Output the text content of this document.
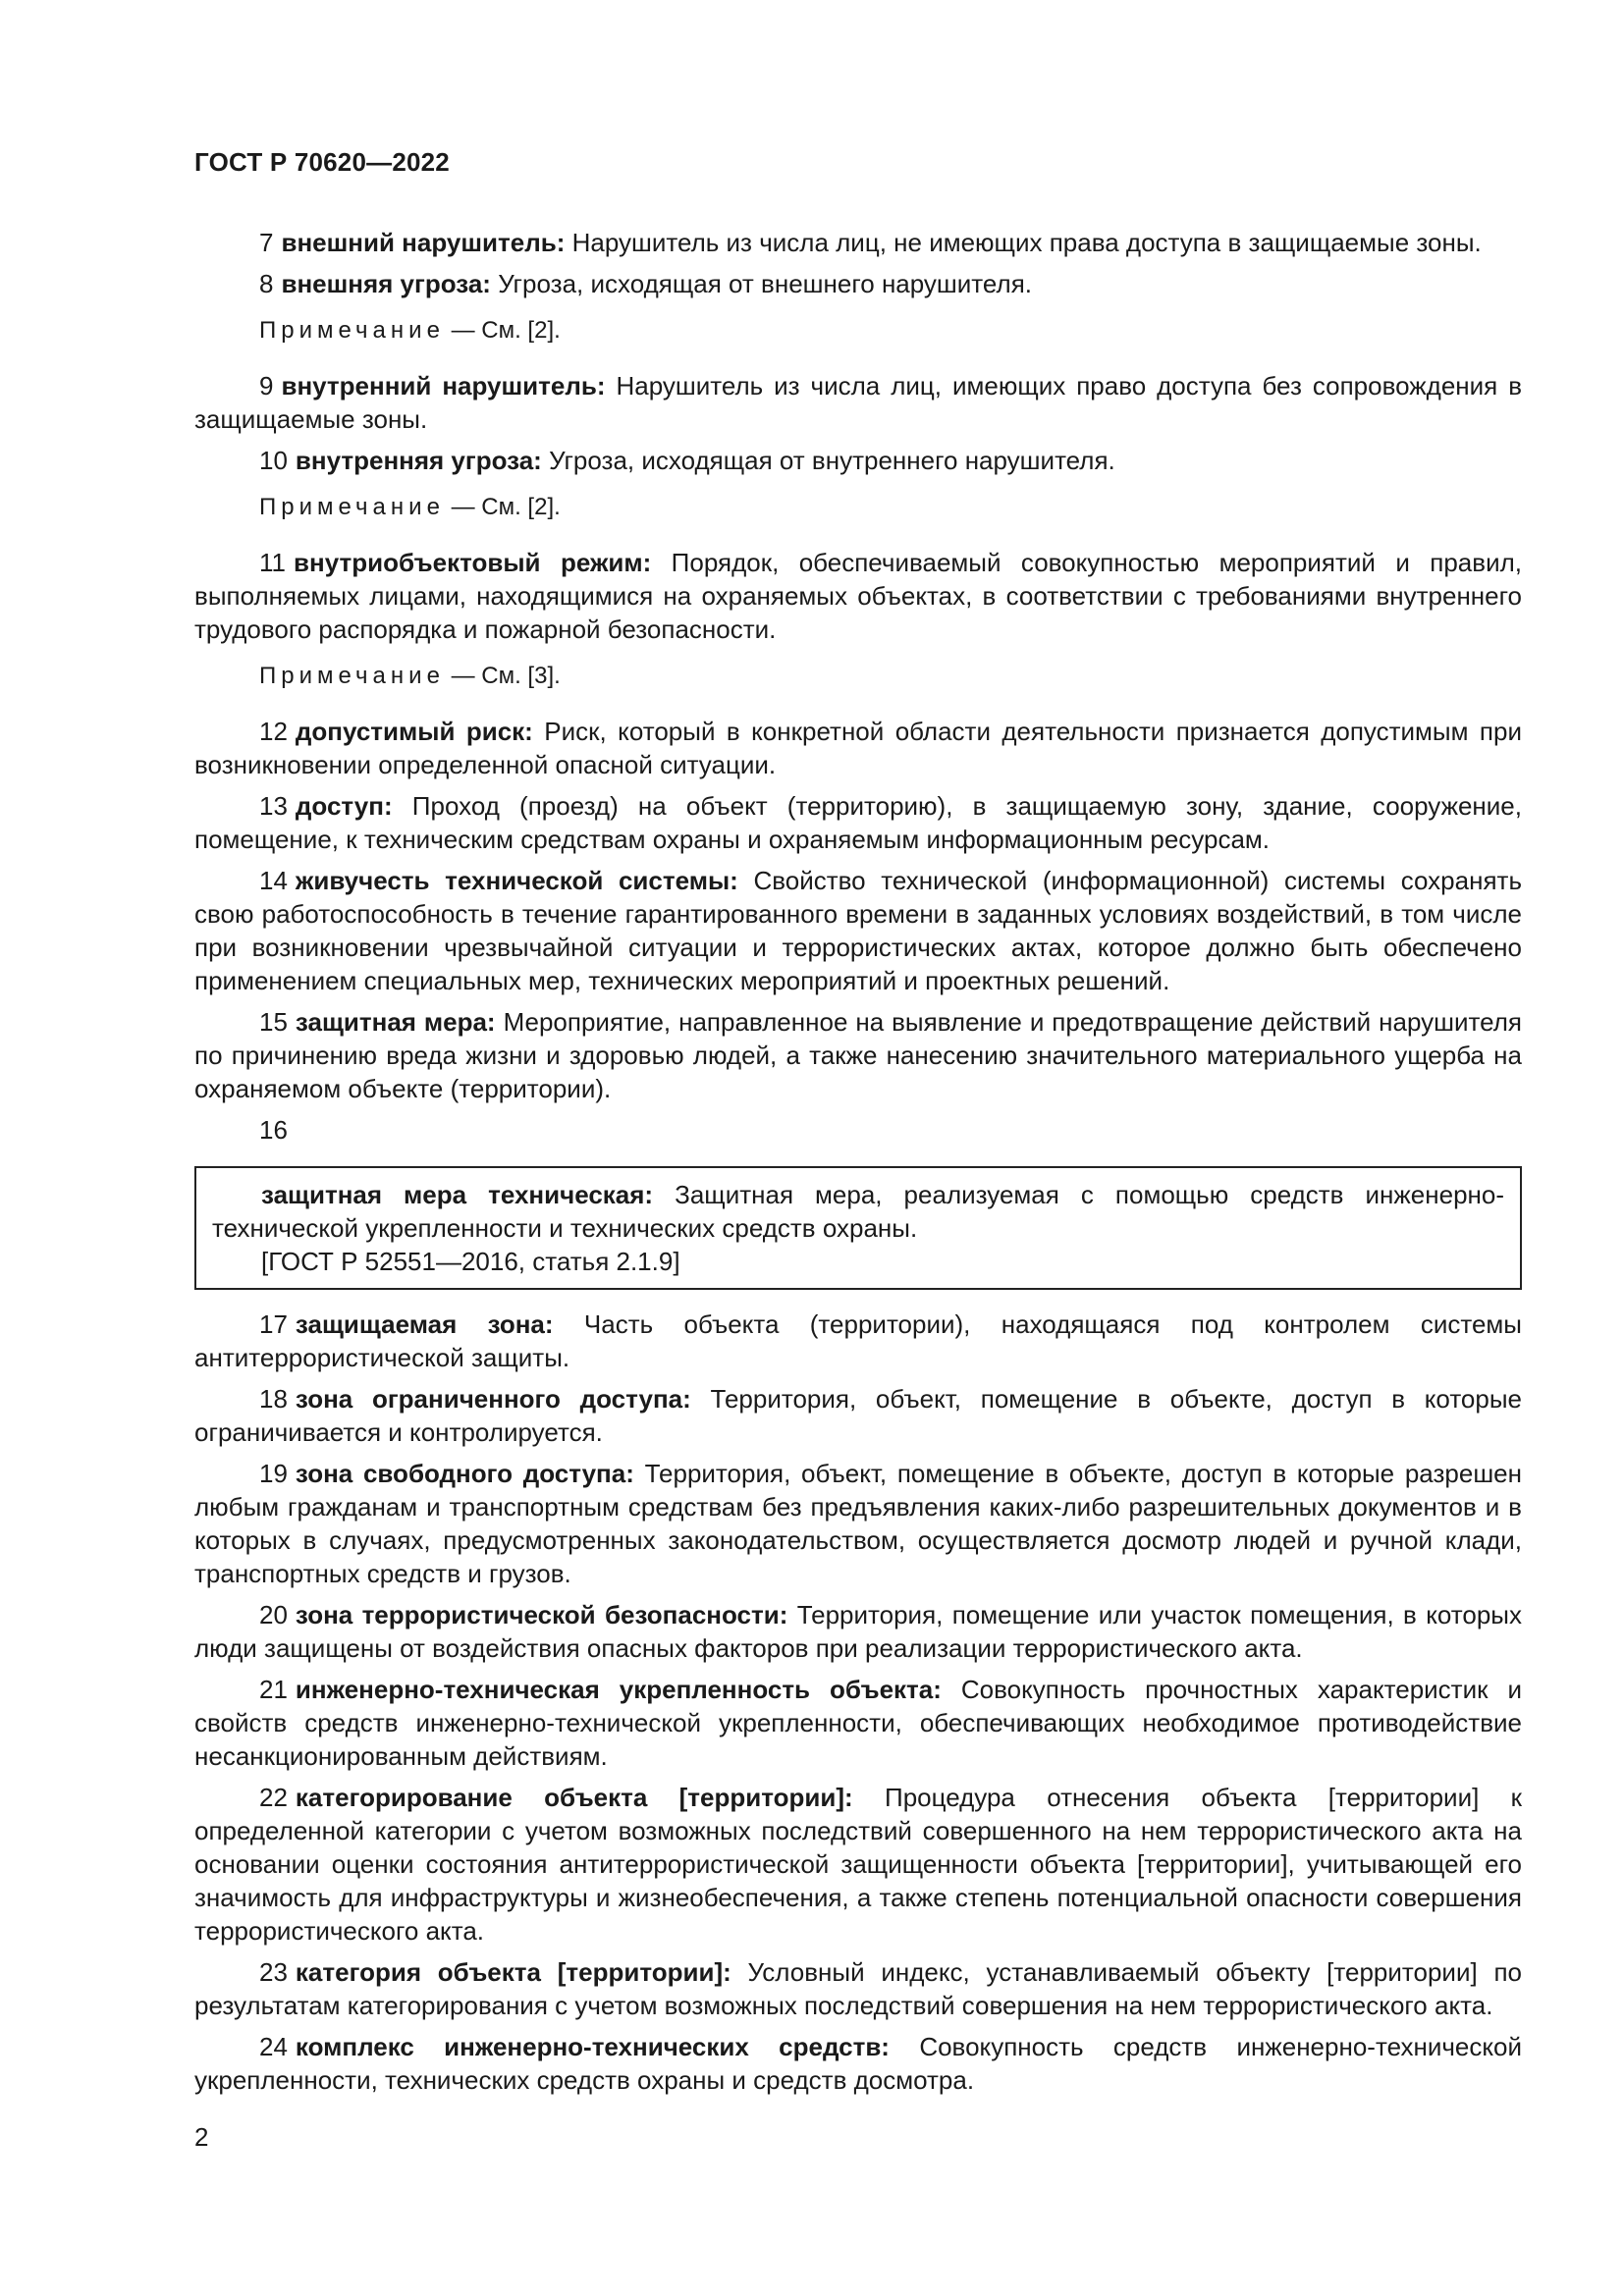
ГОСТ Р 70620—2022

7 внешний нарушитель: Нарушитель из числа лиц, не имеющих права доступа в защищаемые зоны.

8 внешняя угроза: Угроза, исходящая от внешнего нарушителя.

Примечание — См. [2].

9 внутренний нарушитель: Нарушитель из числа лиц, имеющих право доступа без сопровождения в защищаемые зоны.

10 внутренняя угроза: Угроза, исходящая от внутреннего нарушителя.

Примечание — См. [2].

11 внутриобъектовый режим: Порядок, обеспечиваемый совокупностью мероприятий и правил, выполняемых лицами, находящимися на охраняемых объектах, в соответствии с требованиями внутреннего трудового распорядка и пожарной безопасности.

Примечание — См. [3].

12 допустимый риск: Риск, который в конкретной области деятельности признается допустимым при возникновении определенной опасной ситуации.

13 доступ: Проход (проезд) на объект (территорию), в защищаемую зону, здание, сооружение, помещение, к техническим средствам охраны и охраняемым информационным ресурсам.

14 живучесть технической системы: Свойство технической (информационной) системы сохранять свою работоспособность в течение гарантированного времени в заданных условиях воздействий, в том числе при возникновении чрезвычайной ситуации и террористических актах, которое должно быть обеспечено применением специальных мер, технических мероприятий и проектных решений.

15 защитная мера: Мероприятие, направленное на выявление и предотвращение действий нарушителя по причинению вреда жизни и здоровью людей, а также нанесению значительного материального ущерба на охраняемом объекте (территории).

16

защитная мера техническая: Защитная мера, реализуемая с помощью средств инженерно-технической укрепленности и технических средств охраны.

[ГОСТ Р 52551—2016, статья 2.1.9]

17 защищаемая зона: Часть объекта (территории), находящаяся под контролем системы антитеррористической защиты.

18 зона ограниченного доступа: Территория, объект, помещение в объекте, доступ в которые ограничивается и контролируется.

19 зона свободного доступа: Территория, объект, помещение в объекте, доступ в которые разрешен любым гражданам и транспортным средствам без предъявления каких-либо разрешительных документов и в которых в случаях, предусмотренных законодательством, осуществляется досмотр людей и ручной клади, транспортных средств и грузов.

20 зона террористической безопасности: Территория, помещение или участок помещения, в которых люди защищены от воздействия опасных факторов при реализации террористического акта.

21 инженерно-техническая укрепленность объекта: Совокупность прочностных характеристик и свойств средств инженерно-технической укрепленности, обеспечивающих необходимое противодействие несанкционированным действиям.

22 категорирование объекта [территории]: Процедура отнесения объекта [территории] к определенной категории с учетом возможных последствий совершенного на нем террористического акта на основании оценки состояния антитеррористической защищенности объекта [территории], учитывающей его значимость для инфраструктуры и жизнеобеспечения, а также степень потенциальной опасности совершения террористического акта.

23 категория объекта [территории]: Условный индекс, устанавливаемый объекту [территории] по результатам категорирования с учетом возможных последствий совершения на нем террористического акта.

24 комплекс инженерно-технических средств: Совокупность средств инженерно-технической укрепленности, технических средств охраны и средств досмотра.

2
